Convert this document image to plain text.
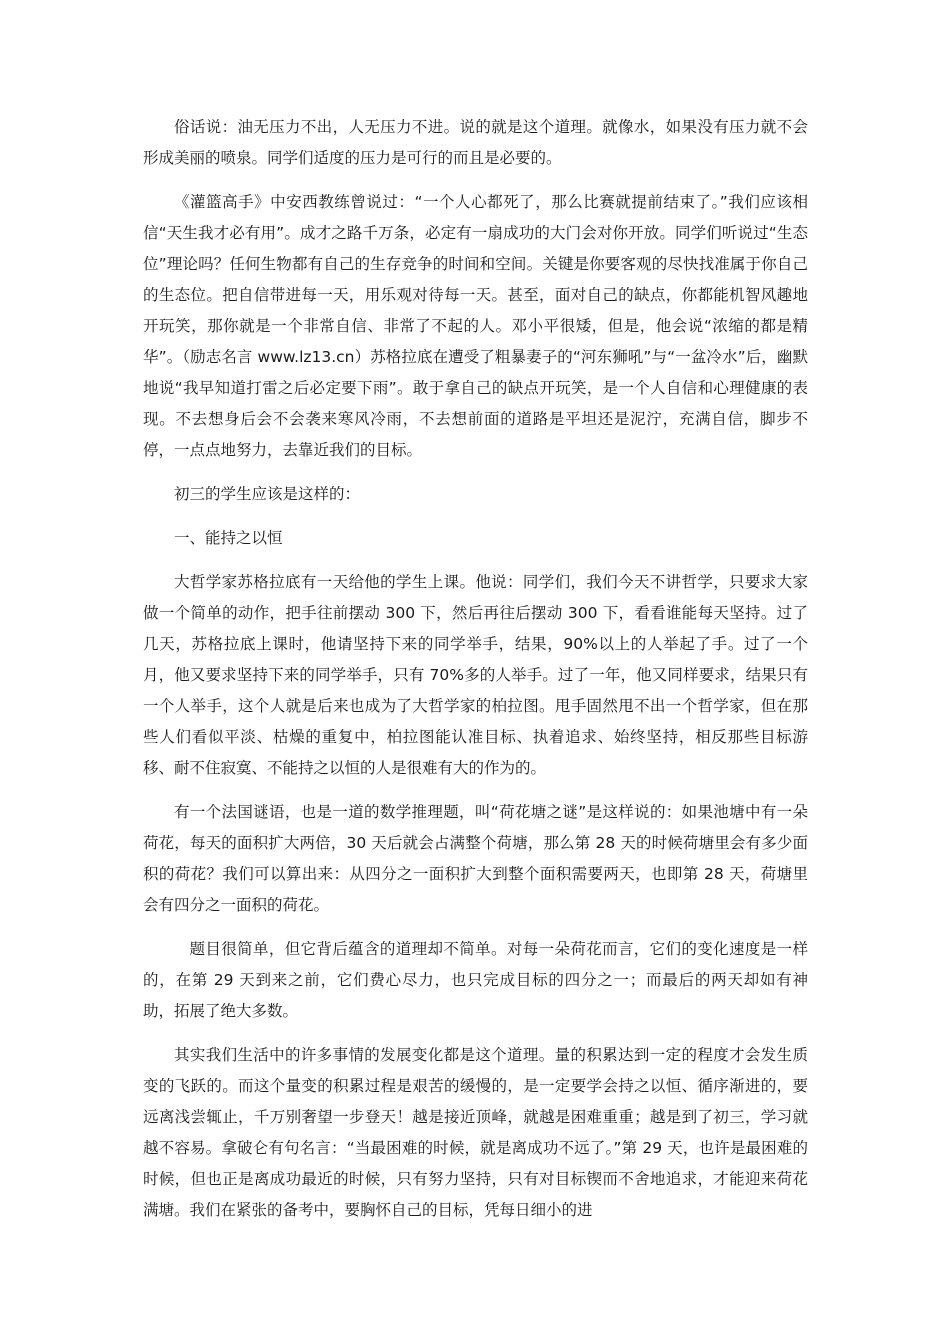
俗话说：油无压力不出，人无压力不进。说的就是这个道理。就像水，如果没有压力就不会形成美丽的喷泉。同学们适度的压力是可行的而且是必要的。

《灌篮高手》中安西教练曾说过：“一个人心都死了，那么比赛就提前结束了。”我们应该相信“天生我才必有用”。成才之路千万条，必定有一扇成功的大门会对你开放。同学们听说过“生态位”理论吗？任何生物都有自己的生存竞争的时间和空间。关键是你要客观的尽快找准属于你自己的生态位。把自信带进每一天，用乐观对待每一天。甚至，面对自己的缺点，你都能机智风趣地开玩笑，那你就是一个非常自信、非常了不起的人。邓小平很矮，但是，他会说“浓缩的都是精华”。（励志名言 www.lz13.cn）苏格拉底在遭受了粗暴妻子的“河东狮吼”与“一盆冷水”后，幽默地说“我早知道打雷之后必定要下雨”。敢于拿自己的缺点开玩笑，是一个人自信和心理健康的表现。不去想身后会不会袭来寒风冷雨，不去想前面的道路是平坦还是泥泞，充满自信，脚步不停，一点点地努力，去靠近我们的目标。

初三的学生应该是这样的：

一、能持之以恒

大哲学家苏格拉底有一天给他的学生上课。他说：同学们，我们今天不讲哲学，只要求大家做一个简单的动作，把手往前摆动 300 下，然后再往后摆动 300 下，看看谁能每天坚持。过了几天，苏格拉底上课时，他请坚持下来的同学举手，结果，90%以上的人举起了手。过了一个月，他又要求坚持下来的同学举手，只有 70%多的人举手。过了一年，他又同样要求，结果只有一个人举手，这个人就是后来也成为了大哲学家的柏拉图。甩手固然甩不出一个哲学家，但在那些人们看似平淡、枯燥的重复中，柏拉图能认准目标、执着追求、始终坚持，相反那些目标游移、耐不住寂寞、不能持之以恒的人是很难有大的作为的。

有一个法国谜语，也是一道的数学推理题，叫“荷花塘之谜”是这样说的：如果池塘中有一朵荷花，每天的面积扩大两倍，30 天后就会占满整个荷塘，那么第 28 天的时候荷塘里会有多少面积的荷花？我们可以算出来：从四分之一面积扩大到整个面积需要两天，也即第 28 天，荷塘里会有四分之一面积的荷花。

题目很简单，但它背后蕴含的道理却不简单。对每一朵荷花而言，它们的变化速度是一样的，在第 29 天到来之前，它们费心尽力，也只完成目标的四分之一；而最后的两天却如有神助，拓展了绝大多数。

其实我们生活中的许多事情的发展变化都是这个道理。量的积累达到一定的程度才会发生质变的飞跃的。而这个量变的积累过程是艰苦的缓慢的，是一定要学会持之以恒、循序渐进的，要远离浅尝辄止，千万别奢望一步登天！越是接近顶峰，就越是困难重重；越是到了初三，学习就越不容易。拿破仑有句名言：“当最困难的时候，就是离成功不远了。”第 29 天，也许是最困难的时候，但也正是离成功最近的时候，只有努力坚持，只有对目标锲而不舍地追求，才能迎来荷花满塘。我们在紧张的备考中，要胸怀自己的目标，凭每日细小的进
